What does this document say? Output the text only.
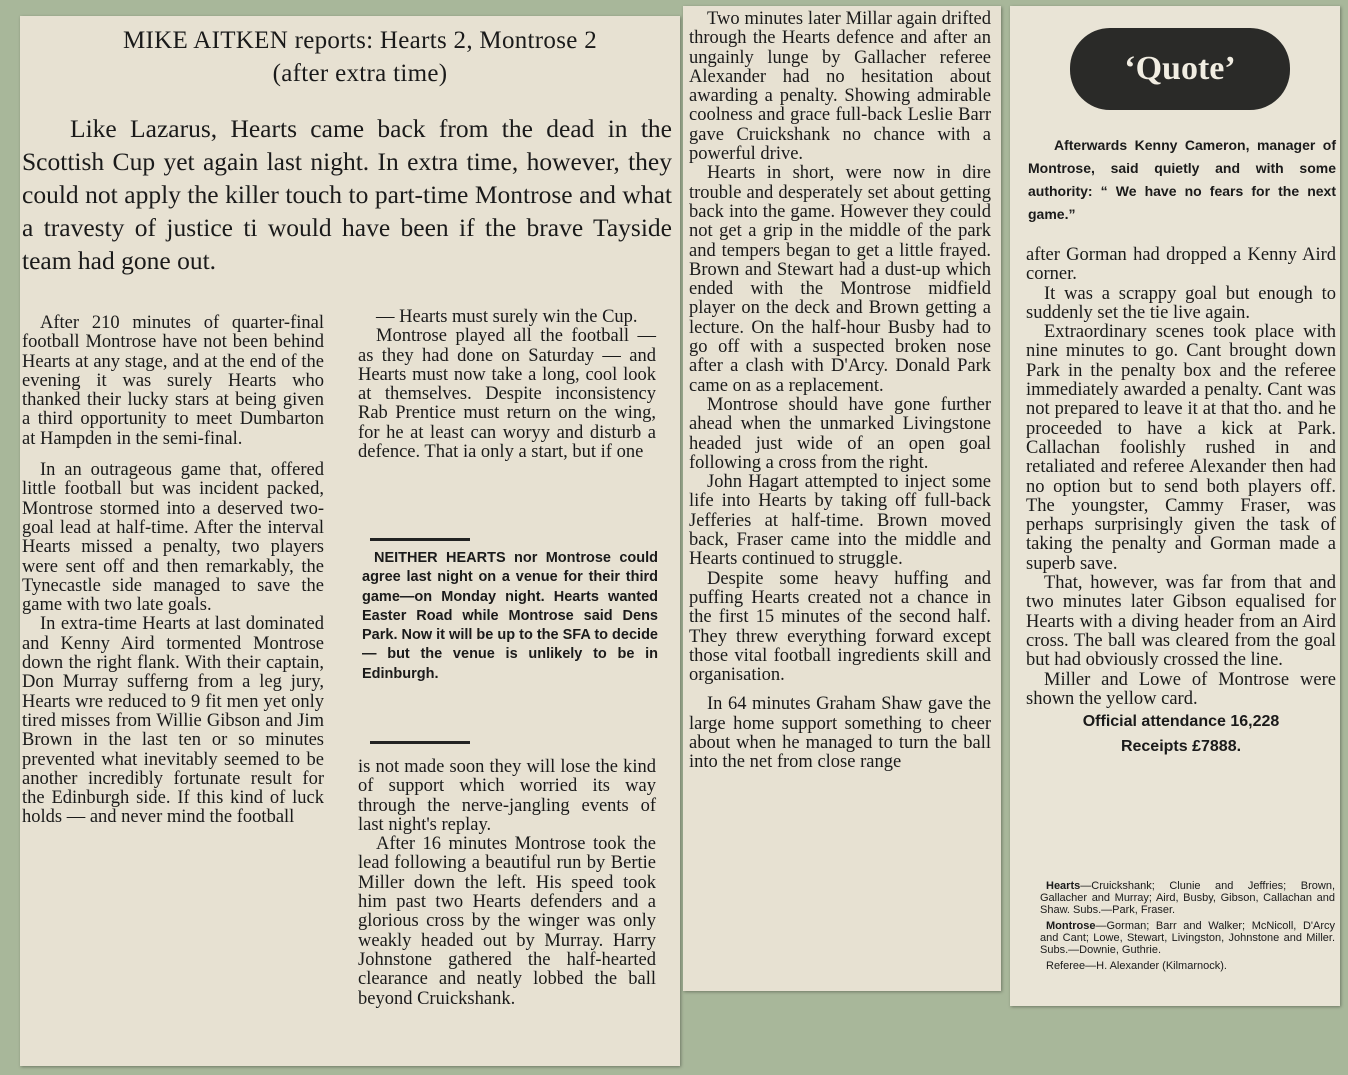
MIKE AITKEN reports: Hearts 2, Montrose 2
(after extra time)

Like Lazarus, Hearts came back from the dead in the Scottish Cup yet again last night. In extra time, however, they could not apply the killer touch to part-time Montrose and what a travesty of justice ti would have been if the brave Tayside team had gone out.

After 210 minutes of quarter-final football Montrose have not been behind Hearts at any stage, and at the end of the evening it was surely Hearts who thanked their lucky stars at being given a third opportunity to meet Dumbarton at Hampden in the semi-final.

In an outrageous game that, offered little football but was incident packed, Montrose stormed into a deserved two-goal lead at half-time. After the interval Hearts missed a penalty, two players were sent off and then remarkably, the Tynecastle side managed to save the game with two late goals.

In extra-time Hearts at last dominated and Kenny Aird tormented Montrose down the right flank. With their captain, Don Murray sufferng from a leg jury, Hearts wre reduced to 9 fit men yet only tired misses from Willie Gibson and Jim Brown in the last ten or so minutes prevented what inevitably seemed to be another incredibly fortunate result for the Edinburgh side. If this kind of luck holds — and never mind the football

— Hearts must surely win the Cup.

Montrose played all the football — as they had done on Saturday — and Hearts must now take a long, cool look at themselves. Despite inconsistency Rab Prentice must return on the wing, for he at least can woryy and disturb a defence. That ia only a start, but if one

NEITHER HEARTS nor Montrose could agree last night on a venue for their third game—on Monday night. Hearts wanted Easter Road while Montrose said Dens Park. Now it will be up to the SFA to decide — but the venue is unlikely to be in Edinburgh.

is not made soon they will lose the kind of support which worried its way through the nerve-jangling events of last night's replay.

After 16 minutes Montrose took the lead following a beautiful run by Bertie Miller down the left. His speed took him past two Hearts defenders and a glorious cross by the winger was only weakly headed out by Murray. Harry Johnstone gathered the half-hearted clearance and neatly lobbed the ball beyond Cruickshank.

Two minutes later Millar again drifted through the Hearts defence and after an ungainly lunge by Gallacher referee Alexander had no hesitation about awarding a penalty. Showing admirable coolness and grace full-back Leslie Barr gave Cruickshank no chance with a powerful drive.

Hearts in short, were now in dire trouble and desperately set about getting back into the game. However they could not get a grip in the middle of the park and tempers began to get a little frayed. Brown and Stewart had a dust-up which ended with the Montrose midfield player on the deck and Brown getting a lecture. On the half-hour Busby had to go off with a suspected broken nose after a clash with D'Arcy. Donald Park came on as a replacement.

Montrose should have gone further ahead when the unmarked Livingstone headed just wide of an open goal following a cross from the right.

John Hagart attempted to inject some life into Hearts by taking off full-back Jefferies at half-time. Brown moved back, Fraser came into the middle and Hearts continued to struggle.

Despite some heavy huffing and puffing Hearts created not a chance in the first 15 minutes of the second half. They threw everything forward except those vital football ingredients skill and organisation.

In 64 minutes Graham Shaw gave the large home support something to cheer about when he managed to turn the ball into the net from close range

‘Quote’

Afterwards Kenny Cameron, manager of Montrose, said quietly and with some authority: “ We have no fears for the next game.”

after Gorman had dropped a Kenny Aird corner.

It was a scrappy goal but enough to suddenly set the tie live again.

Extraordinary scenes took place with nine minutes to go. Cant brought down Park in the penalty box and the referee immediately awarded a penalty. Cant was not prepared to leave it at that tho. and he proceeded to have a kick at Park. Callachan foolishly rushed in and retaliated and referee Alexander then had no option but to send both players off. The youngster, Cammy Fraser, was perhaps surprisingly given the task of taking the penalty and Gorman made a superb save.

That, however, was far from that and two minutes later Gibson equalised for Hearts with a diving header from an Aird cross. The ball was cleared from the goal but had obviously crossed the line.

Miller and Lowe of Montrose were shown the yellow card.

Official attendance 16,228
Receipts £7888.

Hearts—Cruickshank; Clunie and Jeffries; Brown, Gallacher and Murray; Aird, Busby, Gibson, Callachan and Shaw. Subs.—Park, Fraser.

Montrose—Gorman; Barr and Walker; McNicoll, D'Arcy and Cant; Lowe, Stewart, Livingston, Johnstone and Miller. Subs.—Downie, Guthrie.

Referee—H. Alexander (Kilmarnock).
